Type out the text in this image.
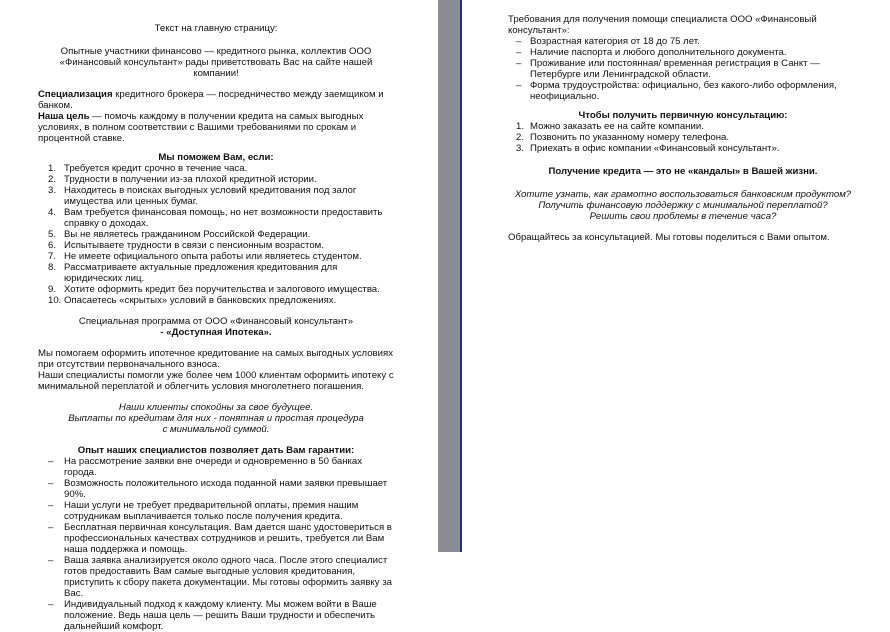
Текст на главную страницу:

Опытные участники финансово — кредитного рынка, коллектив ООО «Финансовый консультант» рады приветствовать Вас на сайте нашей компании!

Специализация кредитного брокера — посредничество между заемщиком и банком.

Наша цель — помочь каждому в получении кредита на самых выгодных условиях, в полном соответствии с Вашими требованиями по срокам и процентной ставке.

Мы поможем Вам, если:

1. Требуется кредит срочно в течение часа.
2. Трудности в получении из-за плохой кредитной истории.
3. Находитесь в поисках выгодных условий кредитования под залог имущества или ценных бумаг.
4. Вам требуется финансовая помощь, но нет возможности предоставить справку о доходах.
5. Вы не являетесь гражданином Российской Федерации.
6. Испытываете трудности в связи с пенсионным возрастом.
7. Не имеете официального опыта работы или являетесь студентом.
8. Рассматриваете актуальные предложения кредитования для юридических лиц.
9. Хотите оформить кредит без поручительства и залогового имущества.
10. Опасаетесь «скрытых» условий в банковских предложениях.

Специальная программа от ООО «Финансовый консультант»

- «Доступная Ипотека».

Мы помогаем оформить ипотечное кредитование на самых выгодных условиях при отсутствии первоначального взноса.

Наши специалисты помогли уже более чем 1000 клиентам оформить ипотеку с минимальной переплатой и облегчить условия многолетнего погашения.

Наши клиенты спокойны за свое будущее.

Выплаты по кредитам для них - понятная и простая процедура

с минимальной суммой.

Опыт наших специалистов позволяет дать Вам гарантии:

– На рассмотрение заявки вне очереди и одновременно в 50 банках города.
– Возможность положительного исхода поданной нами заявки превышает 90%.
– Наши услуги не требует предварительной оплаты, премия нашим сотрудникам выплачивается только после получения кредита.
– Бесплатная первичная консультация. Вам дается шанс удостовериться в профессиональных качествах сотрудников и решить, требуется ли Вам наша поддержка и помощь.
– Ваша заявка анализируется около одного часа. После этого специалист готов предоставить Вам самые выгодные условия кредитования, приступить к сбору пакета документации. Мы готовы оформить заявку за Вас.
– Индивидуальный подход к каждому клиенту. Мы можем войти в Ваше положение. Ведь наша цель — решить Ваши трудности и обеспечить дальнейший комфорт.

Требования для получения помощи специалиста ООО «Финансовый консультант»:

– Возрастная категория от 18 до 75 лет.
– Наличие паспорта и любого дополнительного документа.
– Проживание или постоянная/ временная регистрация в Санкт — Петербурге или Ленинградской области.
– Форма трудоустройства: официально, без какого-либо оформления, неофициально.

Чтобы получить первичную консультацию:

1. Можно заказать ее на сайте компании.
2. Позвонить по указанному номеру телефона.
3. Приехать в офис компании «Финансовый консультант».

Получение кредита — это не «кандалы» в Вашей жизни.

Хотите узнать, как грамотно воспользоваться банковским продуктом?

Получить финансовую поддержку с минимальной переплатой?

Решить свои проблемы в течение часа?

Обращайтесь за консультацией. Мы готовы поделиться с Вами опытом.
